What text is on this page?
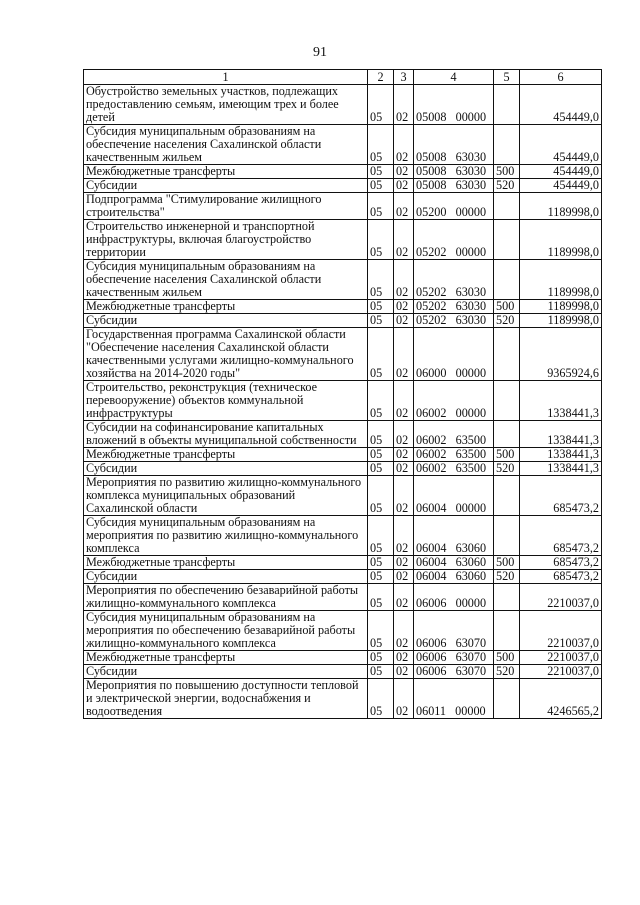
91
1	2	3	4	5	6
Обустройство земельных участков, подлежащих предоставлению семьям, имеющим трех и более детей	05	02	05008 00000		454449,0
Субсидия муниципальным образованиям на обеспечение населения Сахалинской области качественным жильем	05	02	05008 63030		454449,0
Межбюджетные трансферты	05	02	05008 63030	500	454449,0
Субсидии	05	02	05008 63030	520	454449,0
Подпрограмма "Стимулирование жилищного строительства"	05	02	05200 00000		1189998,0
Строительство инженерной и транспортной инфраструктуры, включая благоустройство территории	05	02	05202 00000		1189998,0
Субсидия муниципальным образованиям на обеспечение населения Сахалинской области качественным жильем	05	02	05202 63030		1189998,0
Межбюджетные трансферты	05	02	05202 63030	500	1189998,0
Субсидии	05	02	05202 63030	520	1189998,0
Государственная программа Сахалинской области "Обеспечение населения Сахалинской области качественными услугами жилищно-коммунального хозяйства на 2014-2020 годы"	05	02	06000 00000		9365924,6
Строительство, реконструкция (техническое перевооружение) объектов коммунальной инфраструктуры	05	02	06002 00000		1338441,3
Субсидии на софинансирование капитальных вложений в объекты муниципальной собственности	05	02	06002 63500		1338441,3
Межбюджетные трансферты	05	02	06002 63500	500	1338441,3
Субсидии	05	02	06002 63500	520	1338441,3
Мероприятия по развитию жилищно-коммунального комплекса муниципальных образований Сахалинской области	05	02	06004 00000		685473,2
Субсидия муниципальным образованиям на мероприятия по развитию жилищно-коммунального комплекса	05	02	06004 63060		685473,2
Межбюджетные трансферты	05	02	06004 63060	500	685473,2
Субсидии	05	02	06004 63060	520	685473,2
Мероприятия по обеспечению безаварийной работы жилищно-коммунального комплекса	05	02	06006 00000		2210037,0
Субсидия муниципальным образованиям на мероприятия по обеспечению безаварийной работы жилищно-коммунального комплекса	05	02	06006 63070		2210037,0
Межбюджетные трансферты	05	02	06006 63070	500	2210037,0
Субсидии	05	02	06006 63070	520	2210037,0
Мероприятия по повышению доступности тепловой и электрической энергии, водоснабжения и водоотведения	05	02	06011 00000		4246565,2
